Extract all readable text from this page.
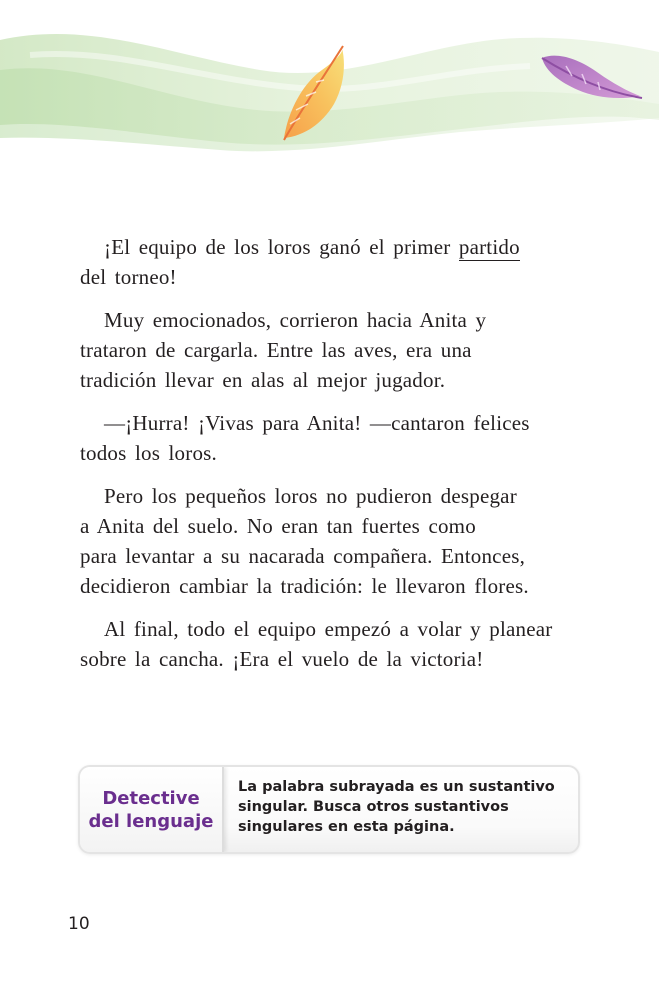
¡El equipo de los loros ganó el primer partido
del torneo!

Muy emocionados, corrieron hacia Anita y
trataron de cargarla. Entre las aves, era una
tradición llevar en alas al mejor jugador.

—¡Hurra! ¡Vivas para Anita! —cantaron felices
todos los loros.

Pero los pequeños loros no pudieron despegar
a Anita del suelo. No eran tan fuertes como
para levantar a su nacarada compañera. Entonces,
decidieron cambiar la tradición: le llevaron flores.

Al final, todo el equipo empezó a volar y planear
sobre la cancha. ¡Era el vuelo de la victoria!

Detective
del lenguaje
La palabra subrayada es un sustantivo
singular. Busca otros sustantivos
singulares en esta página.
10
